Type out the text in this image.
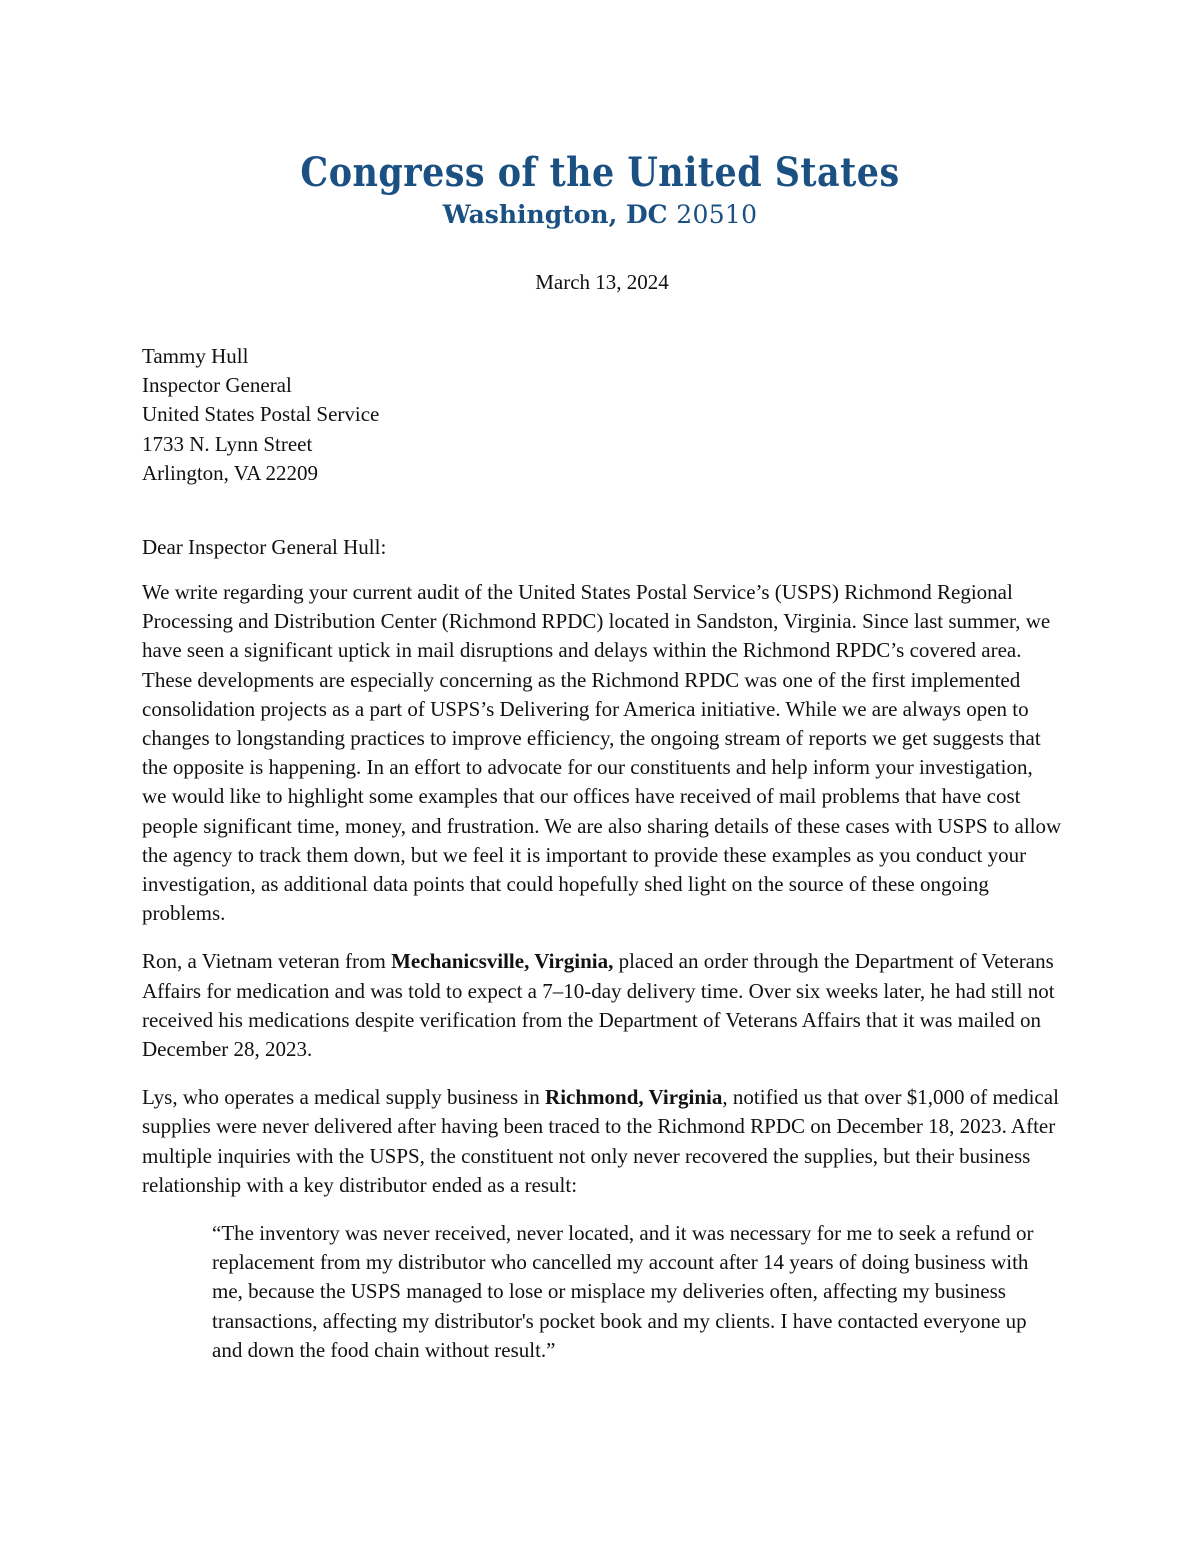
Congress of the United States
Washington, DC 20510
March 13, 2024
Tammy Hull
Inspector General
United States Postal Service
1733 N. Lynn Street
Arlington, VA 22209
Dear Inspector General Hull:

We write regarding your current audit of the United States Postal Service’s (USPS) Richmond Regional Processing and Distribution Center (Richmond RPDC) located in Sandston, Virginia. Since last summer, we have seen a significant uptick in mail disruptions and delays within the Richmond RPDC’s covered area. These developments are especially concerning as the Richmond RPDC was one of the first implemented consolidation projects as a part of USPS’s Delivering for America initiative. While we are always open to changes to longstanding practices to improve efficiency, the ongoing stream of reports we get suggests that the opposite is happening. In an effort to advocate for our constituents and help inform your investigation, we would like to highlight some examples that our offices have received of mail problems that have cost people significant time, money, and frustration. We are also sharing details of these cases with USPS to allow the agency to track them down, but we feel it is important to provide these examples as you conduct your investigation, as additional data points that could hopefully shed light on the source of these ongoing problems.

Ron, a Vietnam veteran from Mechanicsville, Virginia, placed an order through the Department of Veterans Affairs for medication and was told to expect a 7–10-day delivery time. Over six weeks later, he had still not received his medications despite verification from the Department of Veterans Affairs that it was mailed on December 28, 2023.

Lys, who operates a medical supply business in Richmond, Virginia, notified us that over $1,000 of medical supplies were never delivered after having been traced to the Richmond RPDC on December 18, 2023. After multiple inquiries with the USPS, the constituent not only never recovered the supplies, but their business relationship with a key distributor ended as a result:

“The inventory was never received, never located, and it was necessary for me to seek a refund or replacement from my distributor who cancelled my account after 14 years of doing business with me, because the USPS managed to lose or misplace my deliveries often, affecting my business transactions, affecting my distributor's pocket book and my clients. I have contacted everyone up and down the food chain without result.”
